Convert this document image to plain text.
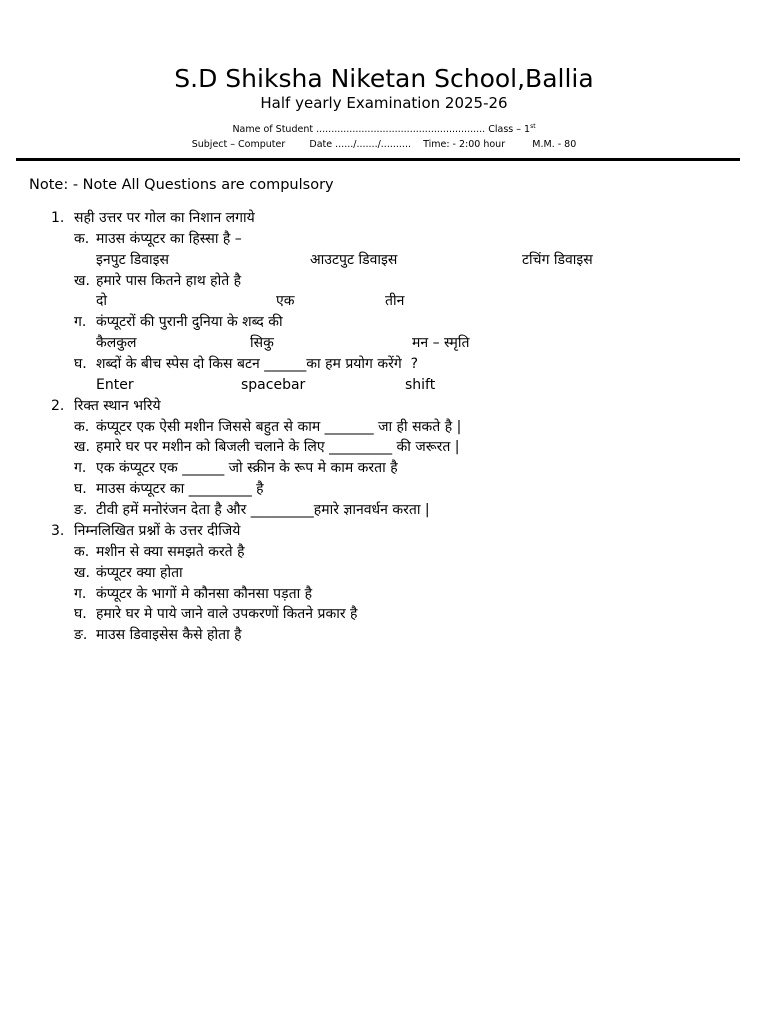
S.D Shiksha Niketan School,Ballia
Half yearly Examination 2025-26
Name of Student ........................................................ Class – 1st
Subject – Computer        Date ....../......./..........    Time: - 2:00 hour         M.M. - 80
Note: - Note All Questions are compulsory
1. सही उत्तर पर गोल का निशान लगाये
क. माउस कंप्यूटर का हिस्सा है –
इनपुट डिवाइस	आउटपुट डिवाइस	टचिंग डिवाइस
ख. हमारे पास कितने हाथ होते है
दो	एक	तीन
ग. कंप्यूटरों की पुरानी दुनिया के शब्द की
कैलकुल	सिकु	मन – स्मृति
घ. शब्दों के बीच स्पेस दो किस बटन ______का हम प्रयोग करेंगे  ?
Enter	spacebar	shift
2. रिक्त स्थान भरिये
क. कंप्यूटर एक ऐसी मशीन जिससे बहुत से काम _______ जा ही सकते है |
ख. हमारे घर पर मशीन को बिजली चलाने के लिए _________ की जरूरत |
ग. एक कंप्यूटर एक ______ जो स्क्रीन के रूप मे काम करता है
घ. माउस कंप्यूटर का _________ है
ङ. टीवी हमें मनोरंजन देता है और _________हमारे ज्ञानवर्धन करता |
3. निम्नलिखित प्रश्नों के उत्तर दीजिये
क. मशीन से क्या समझते करते है
ख. कंप्यूटर क्या होता
ग. कंप्यूटर के भागों मे कौनसा कौनसा पड़ता है
घ. हमारे घर मे पाये जाने वाले उपकरणों कितने प्रकार है
ङ. माउस डिवाइसेस कैसे होता है
